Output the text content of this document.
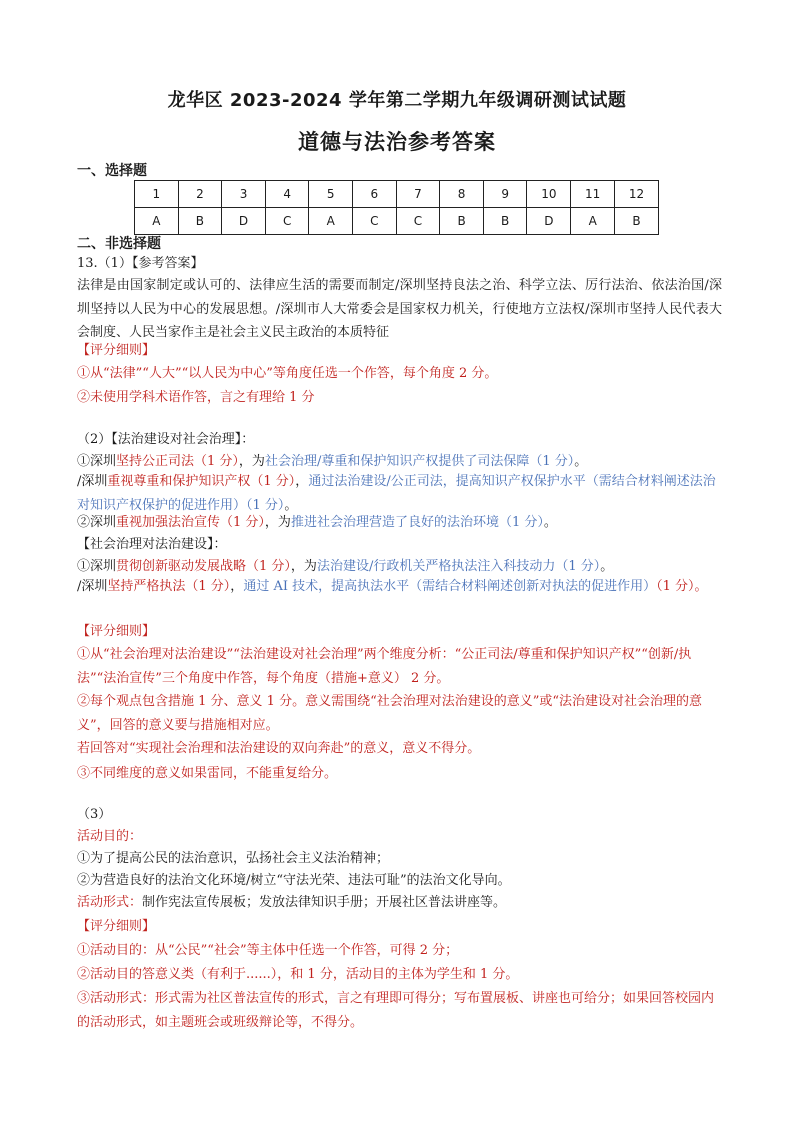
龙华区 2023-2024 学年第二学期九年级调研测试试题
道德与法治参考答案
一、选择题
1	2	3	4	5	6	7	8	9	10	11	12
A	B	D	C	A	C	C	B	B	D	A	B
二、非选择题
13.（1）【参考答案】
法律是由国家制定或认可的、法律应生活的需要而制定/深圳坚持良法之治、科学立法、厉行法治、依法治国/深圳坚持以人民为中心的发展思想。/深圳市人大常委会是国家权力机关，行使地方立法权/深圳市坚持人民代表大会制度、人民当家作主是社会主义民主政治的本质特征
【评分细则】
①从“法律”“人大”“以人民为中心”等角度任选一个作答，每个角度 2 分。
②未使用学科术语作答，言之有理给 1 分
（2）【法治建设对社会治理】：
①深圳坚持公正司法（1 分），为社会治理/尊重和保护知识产权提供了司法保障（1 分）。
/深圳重视尊重和保护知识产权（1 分），通过法治建设/公正司法，提高知识产权保护水平（需结合材料阐述法治对知识产权保护的促进作用）（1 分）。
②深圳重视加强法治宣传（1 分），为推进社会治理营造了良好的法治环境（1 分）。
【社会治理对法治建设】：
①深圳贯彻创新驱动发展战略（1 分），为法治建设/行政机关严格执法注入科技动力（1 分）。
/深圳坚持严格执法（1 分），通过 AI 技术，提高执法水平（需结合材料阐述创新对执法的促进作用）（1 分）。
【评分细则】
①从“社会治理对法治建设”“法治建设对社会治理”两个维度分析：“公正司法/尊重和保护知识产权”“创新/执法”“法治宣传”三个角度中作答，每个角度（措施+意义） 2 分。
②每个观点包含措施 1 分、意义 1 分。意义需围绕“社会治理对法治建设的意义”或“法治建设对社会治理的意义”，回答的意义要与措施相对应。
若回答对“实现社会治理和法治建设的双向奔赴”的意义，意义不得分。
③不同维度的意义如果雷同，不能重复给分。
（3）
活动目的：
①为了提高公民的法治意识，弘扬社会主义法治精神；
②为营造良好的法治文化环境/树立“守法光荣、违法可耻”的法治文化导向。
活动形式：制作宪法宣传展板；发放法律知识手册；开展社区普法讲座等。
【评分细则】
①活动目的：从“公民”“社会”等主体中任选一个作答，可得 2 分；
②活动目的答意义类（有利于......），和 1 分，活动目的主体为学生和 1 分。
③活动形式：形式需为社区普法宣传的形式，言之有理即可得分；写布置展板、讲座也可给分；如果回答校园内的活动形式，如主题班会或班级辩论等，不得分。
